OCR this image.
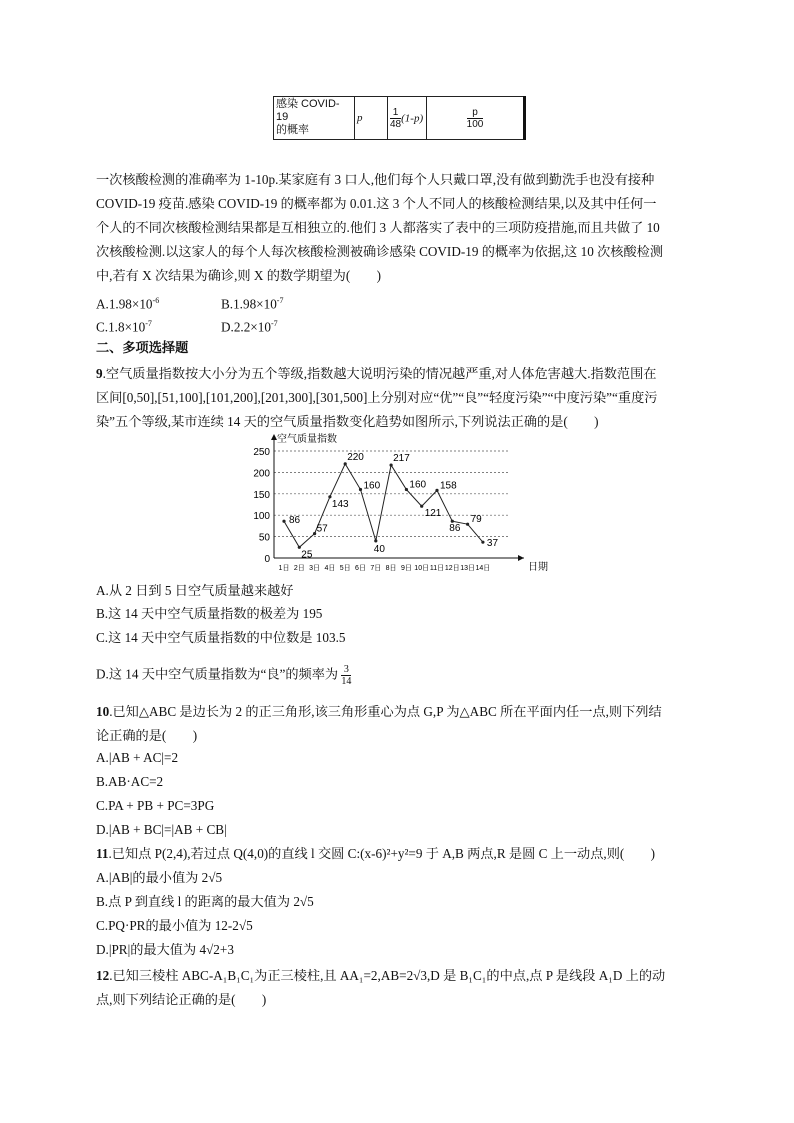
感染 COVID-
19
的概率
	p	$\frac{1}{48} (1-p)$	$\frac{p}{100}$
一次核酸检测的准确率为 1-10p.某家庭有 3 口人,他们每个人只戴口罩,没有做到勤洗手也没有接种
COVID-19 疫苗.感染 COVID-19 的概率都为 0.01.这 3 个人不同人的核酸检测结果,以及其中任何一
个人的不同次核酸检测结果都是互相独立的.他们 3 人都落实了表中的三项防疫措施,而且共做了 10
次核酸检测.以这家人的每个人每次核酸检测被确诊感染 COVID-19 的概率为依据,这 10 次核酸检测
中,若有 X 次结果为确诊,则 X 的数学期望为(　　)
$A.1.98\times 10^{-6}$	$B.1.98\times 10^{-7}$
$C.1.8\times 10^{-7}$	$D.2.2\times 10^{-7}$
二、多项选择题
9.空气质量指数按大小分为五个等级,指数越大说明污染的情况越严重,对人体危害越大.指数范围在
区间[0,50],[51,100],[101,200],[201,300],[301,500]上分别对应“优”“良”“轻度污染”“中度污染”“重度污
染”五个等级,某市连续 14 天的空气质量指数变化趋势如图所示,下列说法正确的是(　　)
0
50
100
150
200
250
空气质量指数
1日 2日 3日 4日 5日 6日 7日 8日 9日 10日 11日 12日 13日 14日	日期
86
25
57
143
220
160
40
217
160
121
158
86
79
37
A.从 2 日到 5 日空气质量越来越好
B.这 14 天中空气质量指数的极差为 195
C.这 14 天中空气质量指数的中位数是 103.5
D.这 14 天中空气质量指数为“良”的频率为 $\frac{3}{14}$
10.已知△ABC 是边长为 2 的正三角形,该三角形重心为点 G,P 为△ABC 所在平面内任一点,则下列结
论正确的是(　　)
A.|AB + AC|=2
B.AB·AC=2
C.PA + PB + PC=3PG
D.|AB + BC|=|AB + CB|
11.已知点 P(2,4),若过点 Q(4,0)的直线 l 交圆 C:(x-6)²+y²=9 于 A,B 两点,R 是圆 C 上一动点,则(　　)
A.|AB|的最小值为 2√5
B.点 P 到直线 l 的距离的最大值为 2√5
C.PQ·PR的最小值为 12-2√5
D.|PR|的最大值为 4√2+3
12.已知三棱柱 ABC-A₁B₁C₁为正三棱柱,且 AA₁=2,AB=2√3,D 是 B₁C₁的中点,点 P 是线段 A₁D 上的动
点,则下列结论正确的是(　　)
